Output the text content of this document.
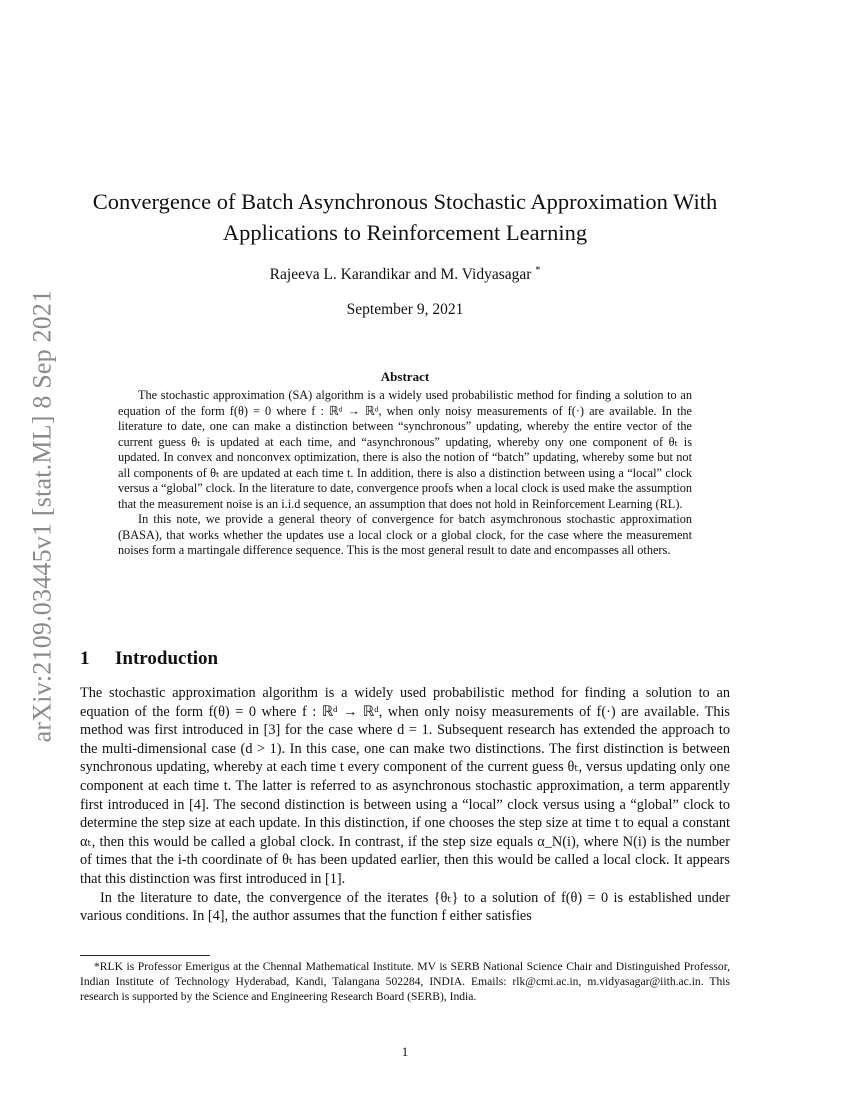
arXiv:2109.03445v1 [stat.ML] 8 Sep 2021
Convergence of Batch Asynchronous Stochastic Approximation With Applications to Reinforcement Learning
Rajeeva L. Karandikar and M. Vidyasagar *
September 9, 2021
Abstract

The stochastic approximation (SA) algorithm is a widely used probabilistic method for finding a solution to an equation of the form f(θ) = 0 where f : ℝᵈ → ℝᵈ, when only noisy measurements of f(·) are available. In the literature to date, one can make a distinction between “synchronous” updating, whereby the entire vector of the current guess θₜ is updated at each time, and “asynchronous” updating, whereby ony one component of θₜ is updated. In convex and nonconvex optimization, there is also the notion of “batch” updating, whereby some but not all components of θₜ are updated at each time t. In addition, there is also a distinction between using a “local” clock versus a “global” clock. In the literature to date, convergence proofs when a local clock is used make the assumption that the measurement noise is an i.i.d sequence, an assumption that does not hold in Reinforcement Learning (RL).

In this note, we provide a general theory of convergence for batch asymchronous stochastic approximation (BASA), that works whether the updates use a local clock or a global clock, for the case where the measurement noises form a martingale difference sequence. This is the most general result to date and encompasses all others.

1 Introduction

The stochastic approximation algorithm is a widely used probabilistic method for finding a solution to an equation of the form f(θ) = 0 where f : ℝᵈ → ℝᵈ, when only noisy measurements of f(·) are available. This method was first introduced in [3] for the case where d = 1. Subsequent research has extended the approach to the multi-dimensional case (d > 1). In this case, one can make two distinctions. The first distinction is between synchronous updating, whereby at each time t every component of the current guess θₜ, versus updating only one component at each time t. The latter is referred to as asynchronous stochastic approximation, a term apparently first introduced in [4]. The second distinction is between using a “local” clock versus using a “global” clock to determine the step size at each update. In this distinction, if one chooses the step size at time t to equal a constant αₜ, then this would be called a global clock. In contrast, if the step size equals α_N(i), where N(i) is the number of times that the i-th coordinate of θₜ has been updated earlier, then this would be called a local clock. It appears that this distinction was first introduced in [1].

In the literature to date, the convergence of the iterates {θₜ} to a solution of f(θ) = 0 is established under various conditions. In [4], the author assumes that the function f either satisfies

*RLK is Professor Emerigus at the ChennaI Mathematical Institute. MV is SERB National Science Chair and Distinguished Professor, Indian Institute of Technology Hyderabad, Kandi, Talangana 502284, INDIA. Emails: rlk@cmi.ac.in, m.vidyasagar@iith.ac.in. This research is supported by the Science and Engineering Research Board (SERB), India.

1
